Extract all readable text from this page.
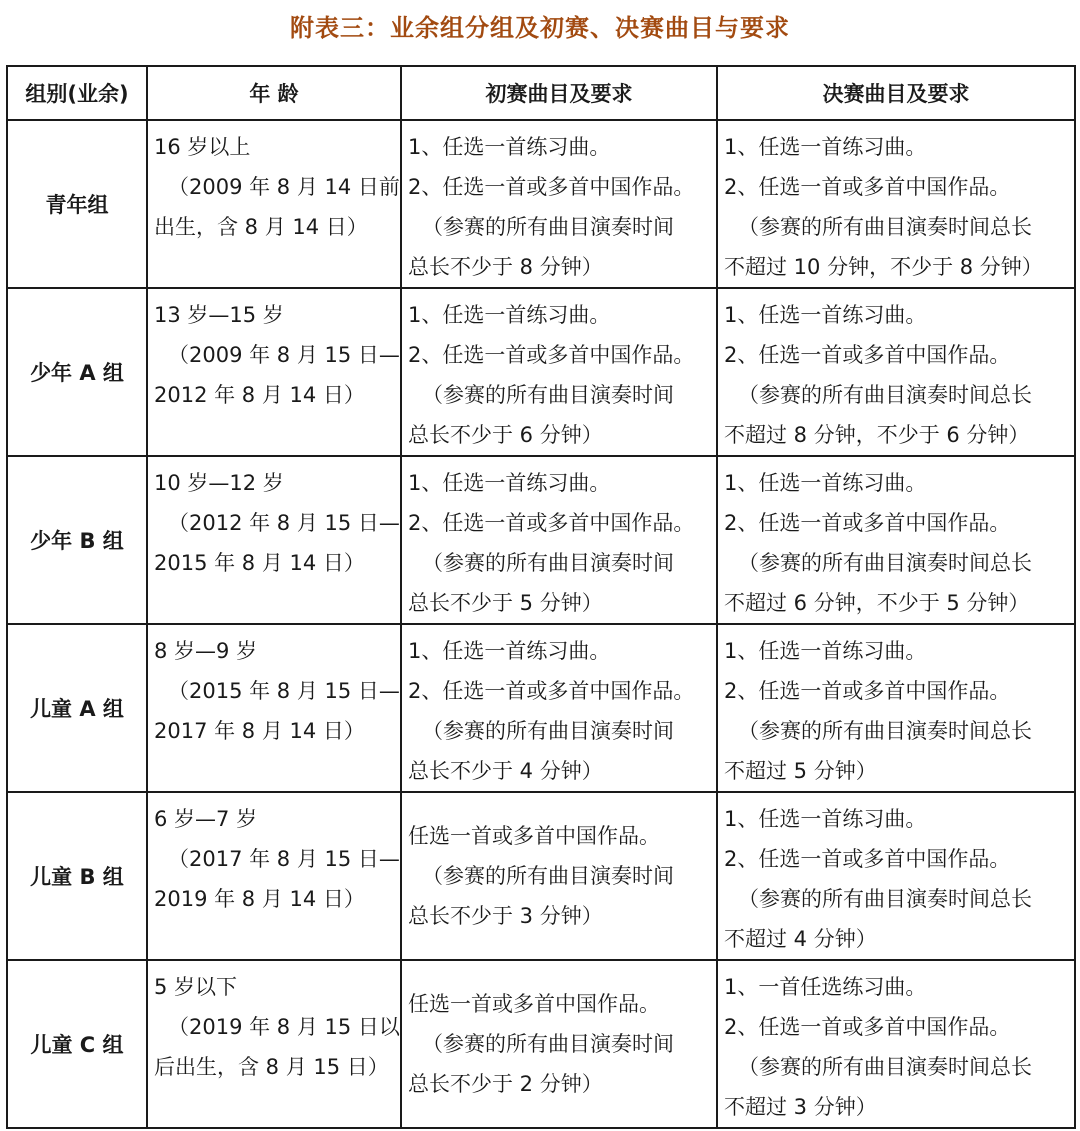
附表三：业余组分组及初赛、决赛曲目与要求
组别(业余)	年 龄	初赛曲目及要求	决赛曲目及要求
青年组	16 岁以上
（2009 年 8 月 14 日前
出生，含 8 月 14 日）	1、任选一首练习曲。
2、任选一首或多首中国作品。
（参赛的所有曲目演奏时间
总长不少于 8 分钟）	1、任选一首练习曲。
2、任选一首或多首中国作品。
（参赛的所有曲目演奏时间总长
不超过 10 分钟，不少于 8 分钟）

少年 A 组	13 岁—15 岁
（2009 年 8 月 15 日—
2012 年 8 月 14 日）	1、任选一首练习曲。
2、任选一首或多首中国作品。
（参赛的所有曲目演奏时间
总长不少于 6 分钟）	1、任选一首练习曲。
2、任选一首或多首中国作品。
（参赛的所有曲目演奏时间总长
不超过 8 分钟，不少于 6 分钟）

少年 B 组	10 岁—12 岁
（2012 年 8 月 15 日—
2015 年 8 月 14 日）	1、任选一首练习曲。
2、任选一首或多首中国作品。
（参赛的所有曲目演奏时间
总长不少于 5 分钟）	1、任选一首练习曲。
2、任选一首或多首中国作品。
（参赛的所有曲目演奏时间总长
不超过 6 分钟，不少于 5 分钟）

儿童 A 组	8 岁—9 岁
（2015 年 8 月 15 日—
2017 年 8 月 14 日）	1、任选一首练习曲。
2、任选一首或多首中国作品。
（参赛的所有曲目演奏时间
总长不少于 4 分钟）	1、任选一首练习曲。
2、任选一首或多首中国作品。
（参赛的所有曲目演奏时间总长
不超过 5 分钟）

儿童 B 组	6 岁—7 岁
（2017 年 8 月 15 日—
2019 年 8 月 14 日）	任选一首或多首中国作品。
（参赛的所有曲目演奏时间
总长不少于 3 分钟）	1、任选一首练习曲。
2、任选一首或多首中国作品。
（参赛的所有曲目演奏时间总长
不超过 4 分钟）

儿童 C 组	5 岁以下
（2019 年 8 月 15 日以
后出生，含 8 月 15 日）	任选一首或多首中国作品。
（参赛的所有曲目演奏时间
总长不少于 2 分钟）	1、一首任选练习曲。
2、任选一首或多首中国作品。
（参赛的所有曲目演奏时间总长
不超过 3 分钟）
